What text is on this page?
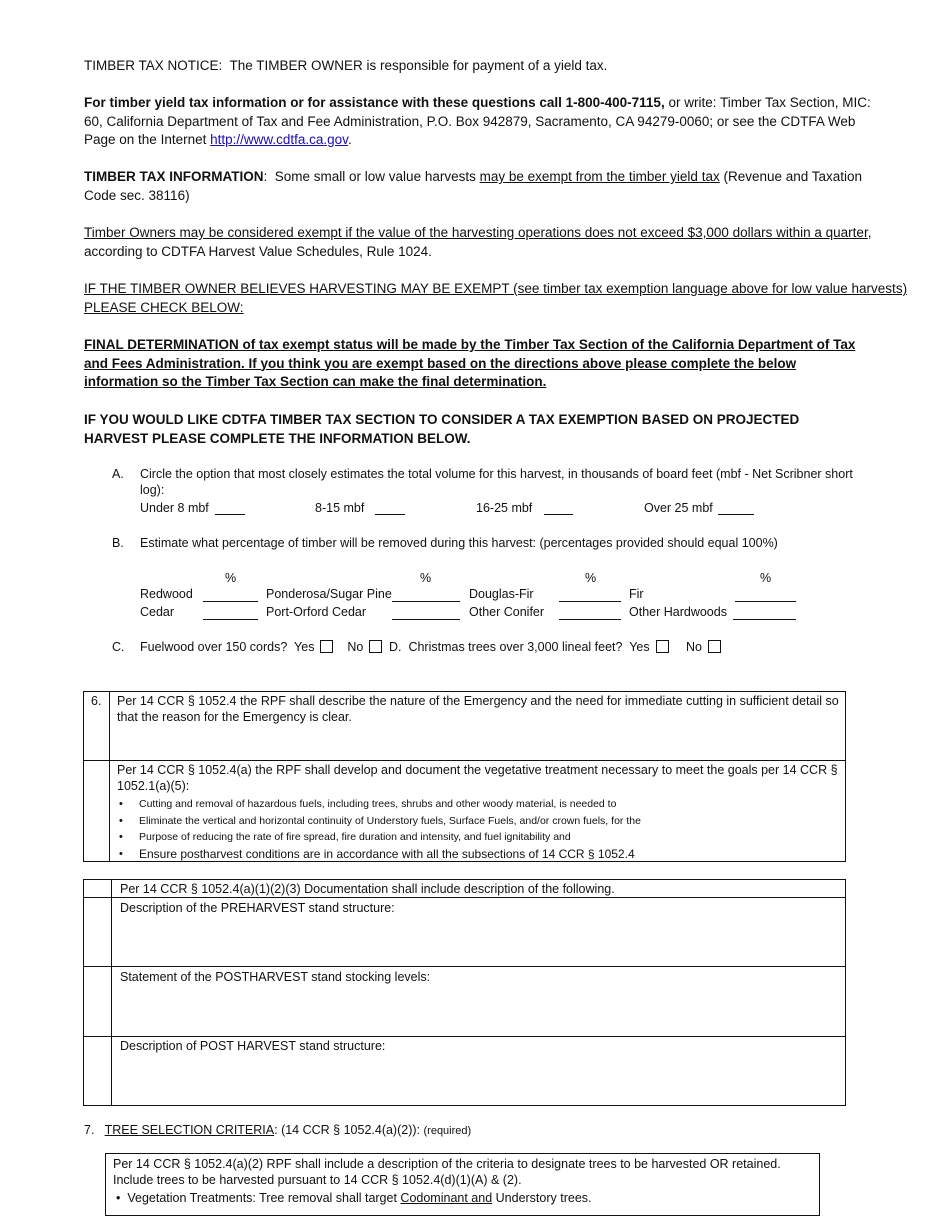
TIMBER TAX NOTICE: The TIMBER OWNER is responsible for payment of a yield tax.
For timber yield tax information or for assistance with these questions call 1-800-400-7115, or write: Timber Tax Section, MIC: 60, California Department of Tax and Fee Administration, P.O. Box 942879, Sacramento, CA 94279-0060; or see the CDTFA Web Page on the Internet http://www.cdtfa.ca.gov.
TIMBER TAX INFORMATION: Some small or low value harvests may be exempt from the timber yield tax (Revenue and Taxation Code sec. 38116)
Timber Owners may be considered exempt if the value of the harvesting operations does not exceed $3,000 dollars within a quarter, according to CDTFA Harvest Value Schedules, Rule 1024.
IF THE TIMBER OWNER BELIEVES HARVESTING MAY BE EXEMPT (see timber tax exemption language above for low value harvests)
PLEASE CHECK BELOW:
FINAL DETERMINATION of tax exempt status will be made by the Timber Tax Section of the California Department of Tax and Fees Administration. If you think you are exempt based on the directions above please complete the below information so the Timber Tax Section can make the final determination.
IF YOU WOULD LIKE CDTFA TIMBER TAX SECTION TO CONSIDER A TAX EXEMPTION BASED ON PROJECTED HARVEST PLEASE COMPLETE THE INFORMATION BELOW.
A. Circle the option that most closely estimates the total volume for this harvest, in thousands of board feet (mbf - Net Scribner short log):
Under 8 mbf	8-15 mbf	16-25 mbf	Over 25 mbf
B. Estimate what percentage of timber will be removed during this harvest: (percentages provided should equal 100%)
%	%	%	%
Redwood	Ponderosa/Sugar Pine	Douglas-Fir	Fir
Cedar	Port-Orford Cedar	Other Conifer	Other Hardwoods
C. Fuelwood over 150 cords? Yes	No	D. Christmas trees over 3,000 lineal feet? Yes	No
6. Per 14 CCR § 1052.4 the RPF shall describe the nature of the Emergency and the need for immediate cutting in sufficient detail so that the reason for the Emergency is clear.
Per 14 CCR § 1052.4(a) the RPF shall develop and document the vegetative treatment necessary to meet the goals per 14 CCR § 1052.1(a)(5):
• Cutting and removal of hazardous fuels, including trees, shrubs and other woody material, is needed to
• Eliminate the vertical and horizontal continuity of Understory fuels, Surface Fuels, and/or crown fuels, for the
• Purpose of reducing the rate of fire spread, fire duration and intensity, and fuel ignitability and
• Ensure postharvest conditions are in accordance with all the subsections of 14 CCR § 1052.4
Per 14 CCR § 1052.4(a)(1)(2)(3) Documentation shall include description of the following.
Description of the PREHARVEST stand structure:
Statement of the POSTHARVEST stand stocking levels:
Description of POST HARVEST stand structure:
7. TREE SELECTION CRITERIA: (14 CCR § 1052.4(a)(2)): (required)
Per 14 CCR § 1052.4(a)(2) RPF shall include a description of the criteria to designate trees to be harvested OR retained. Include trees to be harvested pursuant to 14 CCR § 1052.4(d)(1)(A) & (2).
• Vegetation Treatments: Tree removal shall target Codominant and Understory trees.
